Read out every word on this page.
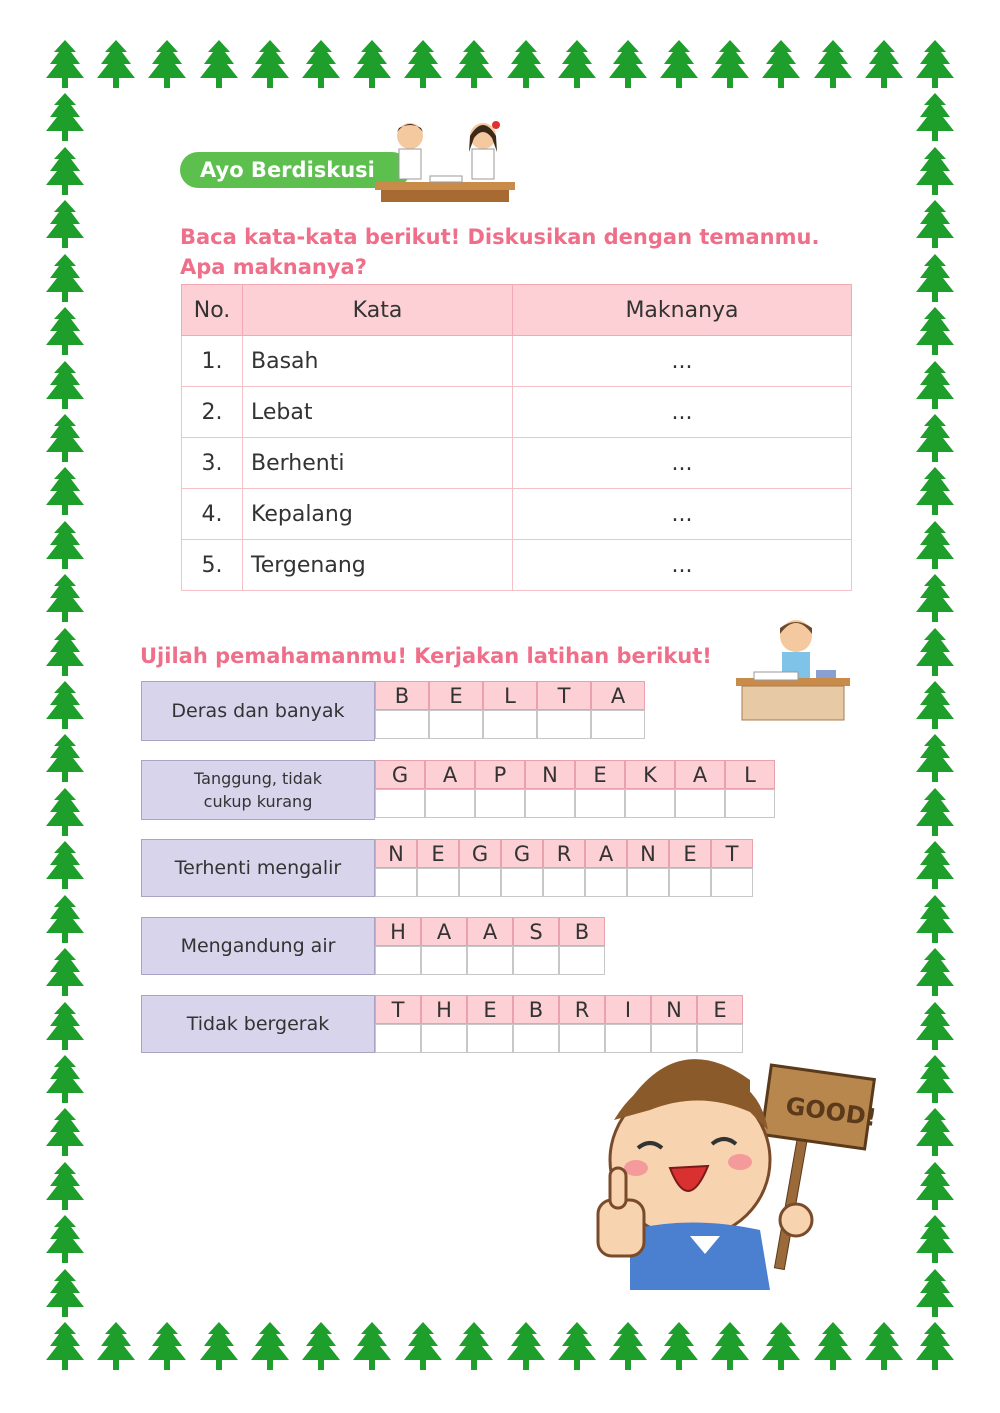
Ayo Berdiskusi
Baca kata-kata berikut! Diskusikan dengan temanmu. Apa maknanya?
No.	Kata	Maknanya
1.	Basah	...
2.	Lebat	...
3.	Berhenti	...
4.	Kepalang	...
5.	Tergenang	...
Ujilah pemahamanmu! Kerjakan latihan berikut!
Deras dan banyak
B	E	L	T	A
Tanggung, tidak cukup kurang
G	A	P	N	E	K	A	L
Terhenti mengalir
N	E	G	G	R	A	N	E	T
Mengandung air
H	A	A	S	B
Tidak bergerak
T	H	E	B	R	I	N	E
GOOD!
